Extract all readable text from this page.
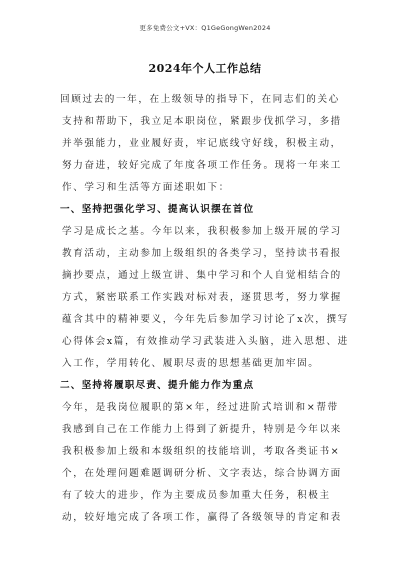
更多免费公文+VX：Q1GeGongWen2024
2024年个人工作总结
回顾过去的一年，在上级领导的指导下，在同志们的关心
支持和帮助下，我立足本职岗位，紧跟步伐抓学习，多措
并举强能力，业业履好责，牢记底线守好线，积极主动，
努力奋进，较好完成了年度各项工作任务。现将一年来工
作、学习和生活等方面述职如下：
一、坚持把强化学习、提高认识摆在首位
学习是成长之基。今年以来，我积极参加上级开展的学习
教育活动，主动参加上级组织的各类学习，坚持读书看报
摘抄要点，通过上级宣讲、集中学习和个人自觉相结合的
方式，紧密联系工作实践对标对表，逐贯思考，努力掌握
蕴含其中的精神要义，今年先后参加学习讨论了x次，撰写
心得体会x篇，有效推动学习武装进入头脑，进入思想、进
入工作，学用转化、履职尽责的思想基础更加牢固。
二、坚持将履职尽责、提升能力作为重点
今年，是我岗位履职的第×年，经过进阶式培训和×帮带
我感到自己在工作能力上得到了新提升，特别是今年以来
我积极参加上级和本级组织的技能培训，考取各类证书×
个，在处理问题难题调研分析、文字表达，综合协调方面
有了较大的进步，作为主要成员参加重大任务，积极主
动，较好地完成了各项工作，赢得了各级领导的肯定和表
